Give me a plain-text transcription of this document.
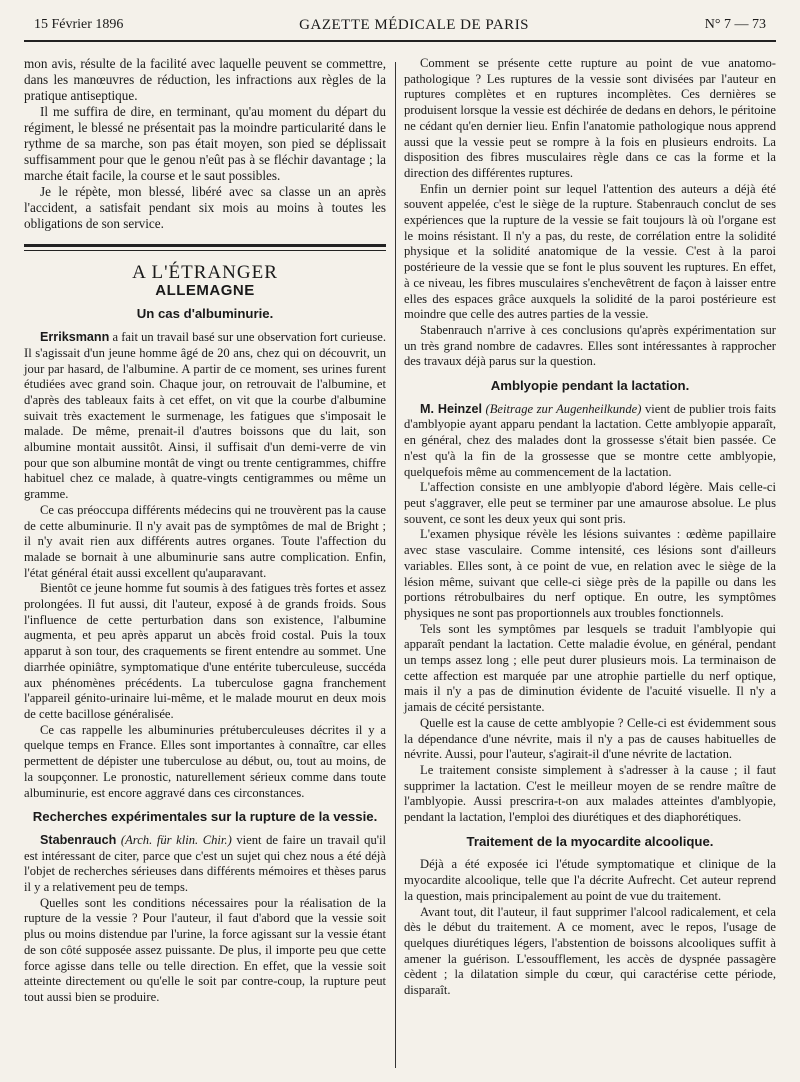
15 Février 1896	GAZETTE MÉDICALE DE PARIS	N° 7 — 73

mon avis, résulte de la facilité avec laquelle peuvent se commettre, dans les manœuvres de réduction, les infractions aux règles de la pratique antiseptique.

Il me suffira de dire, en terminant, qu'au moment du départ du régiment, le blessé ne présentait pas la moindre particularité dans le rythme de sa marche, son pas était moyen, son pied se déplissait suffisamment pour que le genou n'eût pas à se fléchir davantage ; la marche était facile, la course et le saut possibles.

Je le répète, mon blessé, libéré avec sa classe un an après l'accident, a satisfait pendant six mois au moins à toutes les obligations de son service.

A L'ÉTRANGER
ALLEMAGNE
Un cas d'albuminurie.

Erriksmann a fait un travail basé sur une observation fort curieuse. Il s'agissait d'un jeune homme âgé de 20 ans, chez qui on découvrit, un jour par hasard, de l'albumine. A partir de ce moment, ses urines furent étudiées avec grand soin. Chaque jour, on retrouvait de l'albumine, et d'après des tableaux faits à cet effet, on vit que la courbe d'albumine suivait très exactement le surmenage, les fatigues que s'imposait le malade. De même, prenait-il d'autres boissons que du lait, son albumine montait aussitôt. Ainsi, il suffisait d'un demi-verre de vin pour que son albumine montât de vingt ou trente centigrammes, chiffre habituel chez ce malade, à quatre-vingts centigrammes ou même un gramme.

Ce cas préoccupa différents médecins qui ne trouvèrent pas la cause de cette albuminurie. Il n'y avait pas de symptômes de mal de Bright ; il n'y avait rien aux différents autres organes. Toute l'affection du malade se bornait à une albuminurie sans autre complication. Enfin, l'état général était aussi excellent qu'auparavant.

Bientôt ce jeune homme fut soumis à des fatigues très fortes et assez prolongées. Il fut aussi, dit l'auteur, exposé à de grands froids. Sous l'influence de cette perturbation dans son existence, l'albumine augmenta, et peu après apparut un abcès froid costal. Puis la toux apparut à son tour, des craquements se firent entendre au sommet. Une diarrhée opiniâtre, symptomatique d'une entérite tuberculeuse, succéda aux phénomènes précédents. La tuberculose gagna franchement l'appareil génito-urinaire lui-même, et le malade mourut en deux mois de cette bacillose généralisée.

Ce cas rappelle les albuminuries prétuberculeuses décrites il y a quelque temps en France. Elles sont importantes à connaître, car elles permettent de dépister une tuberculose au début, ou, tout au moins, de la soupçonner. Le pronostic, naturellement sérieux comme dans toute albuminurie, est encore aggravé dans ces circonstances.

Recherches expérimentales sur la rupture de la vessie.

Stabenrauch (Arch. für klin. Chir.) vient de faire un travail qu'il est intéressant de citer, parce que c'est un sujet qui chez nous a été déjà l'objet de recherches sérieuses dans différents mémoires et thèses parus il y a relativement peu de temps.

Quelles sont les conditions nécessaires pour la réalisation de la rupture de la vessie ? Pour l'auteur, il faut d'abord que la vessie soit plus ou moins distendue par l'urine, la force agissant sur la vessie étant de son côté supposée assez puissante. De plus, il importe peu que cette force agisse dans telle ou telle direction. En effet, que la vessie soit atteinte directement ou qu'elle le soit par contre-coup, la rupture peut tout aussi bien se produire.

Comment se présente cette rupture au point de vue anatomo-pathologique ? Les ruptures de la vessie sont divisées par l'auteur en ruptures complètes et en ruptures incomplètes. Ces dernières se produisent lorsque la vessie est déchirée de dedans en dehors, le péritoine ne cédant qu'en dernier lieu. Enfin l'anatomie pathologique nous apprend aussi que la vessie peut se rompre à la fois en plusieurs endroits. La disposition des fibres musculaires règle dans ce cas la forme et la direction des différentes ruptures.

Enfin un dernier point sur lequel l'attention des auteurs a déjà été souvent appelée, c'est le siège de la rupture. Stabenrauch conclut de ses expériences que la rupture de la vessie se fait toujours là où l'organe est le moins résistant. Il n'y a pas, du reste, de corrélation entre la solidité physique et la solidité anatomique de la vessie. C'est à la paroi postérieure de la vessie que se font le plus souvent les ruptures. En effet, à ce niveau, les fibres musculaires s'enchevêtrent de façon à laisser entre elles des espaces grâce auxquels la solidité de la paroi postérieure est moindre que celle des autres parties de la vessie.

Stabenrauch n'arrive à ces conclusions qu'après expérimentation sur un très grand nombre de cadavres. Elles sont intéressantes à rapprocher des travaux déjà parus sur la question.

Amblyopie pendant la lactation.

M. Heinzel (Beitrage zur Augenheilkunde) vient de publier trois faits d'amblyopie ayant apparu pendant la lactation. Cette amblyopie apparaît, en général, chez des malades dont la grossesse s'était bien passée. Ce n'est qu'à la fin de la grossesse que se montre cette amblyopie, quelquefois même au commencement de la lactation.

L'affection consiste en une amblyopie d'abord légère. Mais celle-ci peut s'aggraver, elle peut se terminer par une amaurose absolue. Le plus souvent, ce sont les deux yeux qui sont pris.

L'examen physique révèle les lésions suivantes : œdème papillaire avec stase vasculaire. Comme intensité, ces lésions sont d'ailleurs variables. Elles sont, à ce point de vue, en relation avec le siège de la lésion même, suivant que celle-ci siège près de la papille ou dans les portions rétrobulbaires du nerf optique. En outre, les symptômes physiques ne sont pas proportionnels aux troubles fonctionnels.

Tels sont les symptômes par lesquels se traduit l'amblyopie qui apparaît pendant la lactation. Cette maladie évolue, en général, pendant un temps assez long ; elle peut durer plusieurs mois. La terminaison de cette affection est marquée par une atrophie partielle du nerf optique, mais il n'y a pas de diminution évidente de l'acuité visuelle. Il n'y a jamais de cécité persistante.

Quelle est la cause de cette amblyopie ? Celle-ci est évidemment sous la dépendance d'une névrite, mais il n'y a pas de causes habituelles de névrite. Aussi, pour l'auteur, s'agirait-il d'une névrite de lactation.

Le traitement consiste simplement à s'adresser à la cause ; il faut supprimer la lactation. C'est le meilleur moyen de se rendre maître de l'amblyopie. Aussi prescrira-t-on aux malades atteintes d'amblyopie, pendant la lactation, l'emploi des diurétiques et des diaphorétiques.

Traitement de la myocardite alcoolique.

Déjà a été exposée ici l'étude symptomatique et clinique de la myocardite alcoolique, telle que l'a décrite Aufrecht. Cet auteur reprend la question, mais principalement au point de vue du traitement.

Avant tout, dit l'auteur, il faut supprimer l'alcool radicalement, et cela dès le début du traitement. A ce moment, avec le repos, l'usage de quelques diurétiques légers, l'abstention de boissons alcooliques suffit à amener la guérison. L'essoufflement, les accès de dyspnée passagère cèdent ; la dilatation simple du cœur, qui caractérise cette période, disparaît.
